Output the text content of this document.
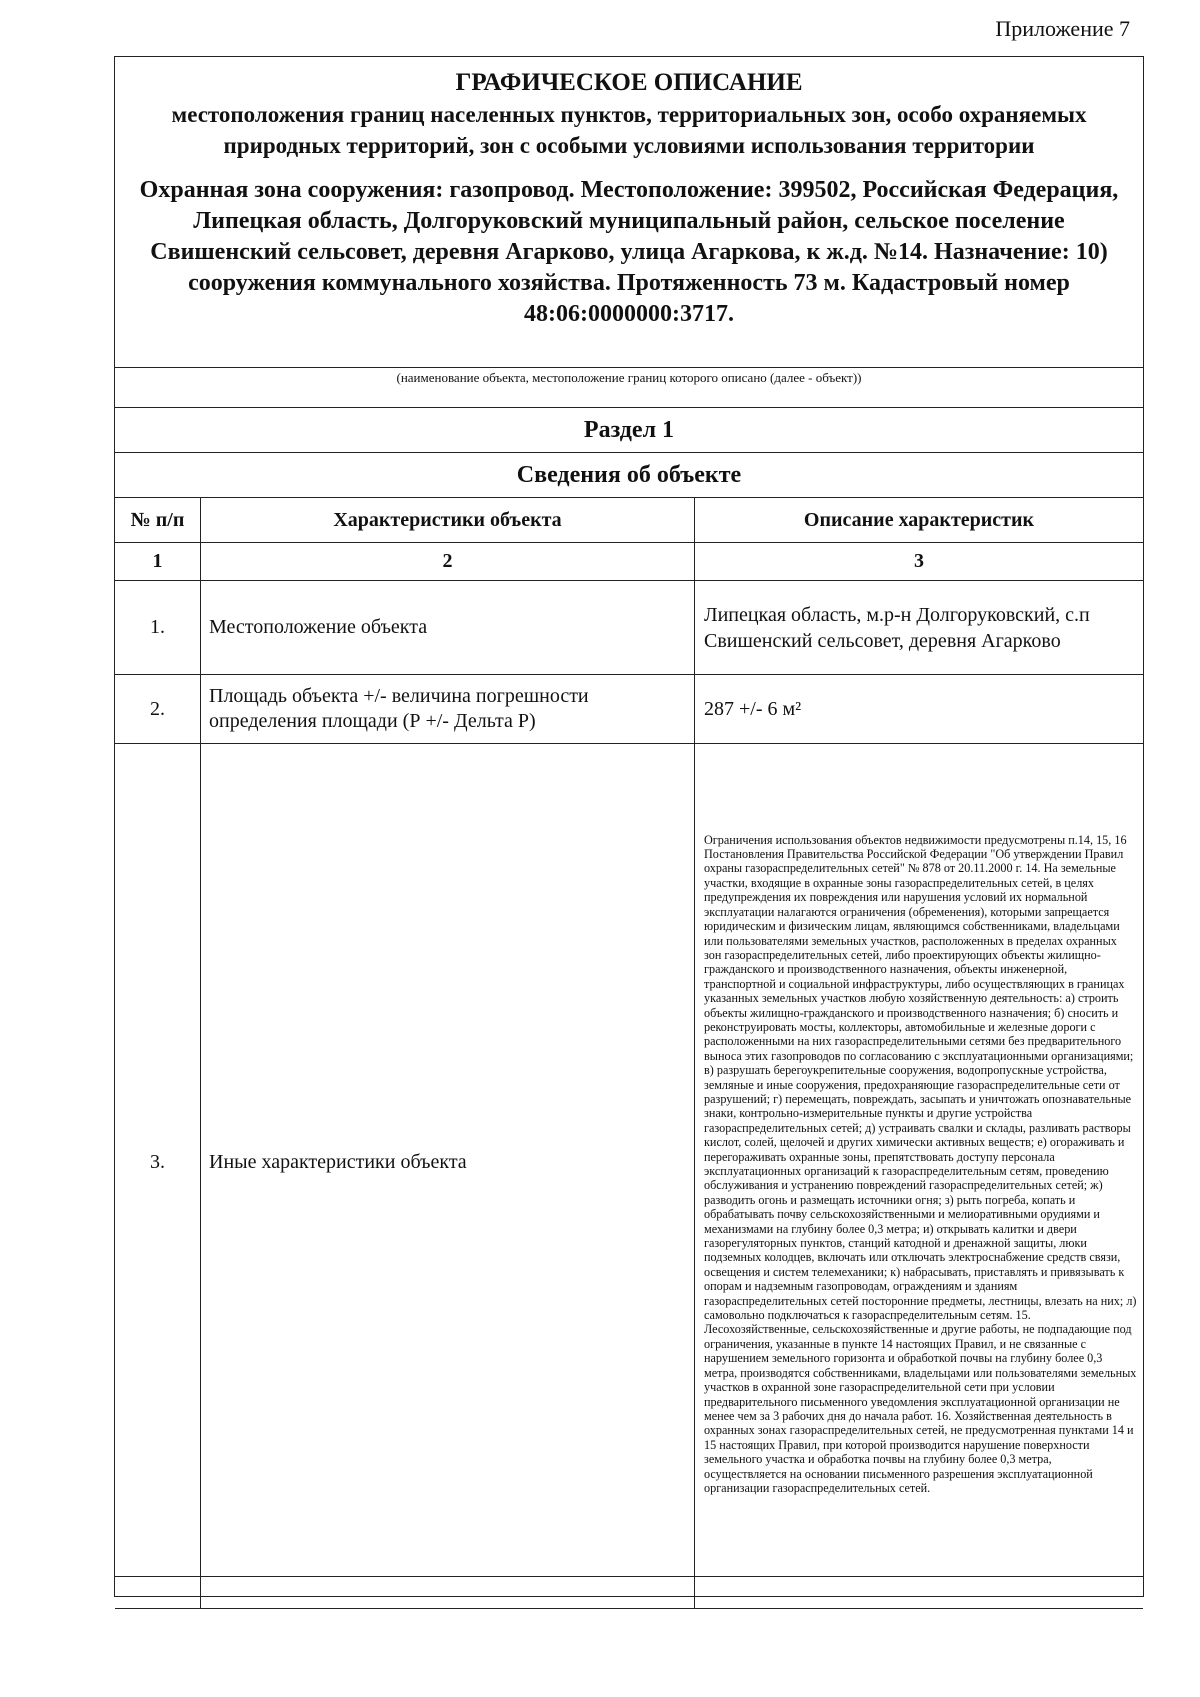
Приложение 7
ГРАФИЧЕСКОЕ ОПИСАНИЕ
местоположения границ населенных пунктов, территориальных зон, особо охраняемых природных территорий, зон с особыми условиями использования территории
Охранная зона сооружения: газопровод. Местоположение: 399502, Российская Федерация, Липецкая область, Долгоруковский муниципальный район, сельское поселение Свишенский сельсовет, деревня Агарково, улица Агаркова, к ж.д. №14. Назначение: 10) сооружения коммунального хозяйства. Протяженность 73 м. Кадастровый номер 48:06:0000000:3717.
(наименование объекта, местоположение границ которого описано (далее - объект))
Раздел 1
Сведения об объекте
№ п/п	Характеристики объекта	Описание характеристик
1	2	3
1.	Местоположение объекта	Липецкая область, м.р-н Долгоруковский, с.п Свишенский сельсовет, деревня Агарково

2.	Площадь объекта +/- величина погрешности определения площади (Р +/- Дельта Р)	287 +/- 6 м²

3.	Иные характеристики объекта	Ограничения использования объектов недвижимости предусмотрены п.14, 15, 16 Постановления Правительства Российской Федерации "Об утверждении Правил охраны газораспределительных сетей" № 878 от 20.11.2000 г. 14. На земельные участки, входящие в охранные зоны газораспределительных сетей, в целях предупреждения их повреждения или нарушения условий их нормальной эксплуатации налагаются ограничения (обременения), которыми запрещается юридическим и физическим лицам, являющимся собственниками, владельцами или пользователями земельных участков, расположенных в пределах охранных зон газораспределительных сетей, либо проектирующих объекты жилищно-гражданского и производственного назначения, объекты инженерной, транспортной и социальной инфраструктуры, либо осуществляющих в границах указанных земельных участков любую хозяйственную деятельность: а) строить объекты жилищно-гражданского и производственного назначения; б) сносить и реконструировать мосты, коллекторы, автомобильные и железные дороги с расположенными на них газораспределительными сетями без предварительного выноса этих газопроводов по согласованию с эксплуатационными организациями; в) разрушать берегоукрепительные сооружения, водопропускные устройства, земляные и иные сооружения, предохраняющие газораспределительные сети от разрушений; г) перемещать, повреждать, засыпать и уничтожать опознавательные знаки, контрольно-измерительные пункты и другие устройства газораспределительных сетей; д) устраивать свалки и склады, разливать растворы кислот, солей, щелочей и других химически активных веществ; е) огораживать и перегораживать охранные зоны, препятствовать доступу персонала эксплуатационных организаций к газораспределительным сетям, проведению обслуживания и устранению повреждений газораспределительных сетей; ж) разводить огонь и размещать источники огня; з) рыть погреба, копать и обрабатывать почву сельскохозяйственными и мелиоративными орудиями и механизмами на глубину более 0,3 метра; и) открывать калитки и двери газорегуляторных пунктов, станций катодной и дренажной защиты, люки подземных колодцев, включать или отключать электроснабжение средств связи, освещения и систем телемеханики; к) набрасывать, приставлять и привязывать к опорам и надземным газопроводам, ограждениям и зданиям газораспределительных сетей посторонние предметы, лестницы, влезать на них; л) самовольно подключаться к газораспределительным сетям. 15. Лесохозяйственные, сельскохозяйственные и другие работы, не подпадающие под ограничения, указанные в пункте 14 настоящих Правил, и не связанные с нарушением земельного горизонта и обработкой почвы на глубину более 0,3 метра, производятся собственниками, владельцами или пользователями земельных участков в охранной зоне газораспределительной сети при условии предварительного письменного уведомления эксплуатационной организации не менее чем за 3 рабочих дня до начала работ. 16. Хозяйственная деятельность в охранных зонах газораспределительных сетей, не предусмотренная пунктами 14 и 15 настоящих Правил, при которой производится нарушение поверхности земельного участка и обработка почвы на глубину более 0,3 метра, осуществляется на основании письменного разрешения эксплуатационной организации газораспределительных сетей.
